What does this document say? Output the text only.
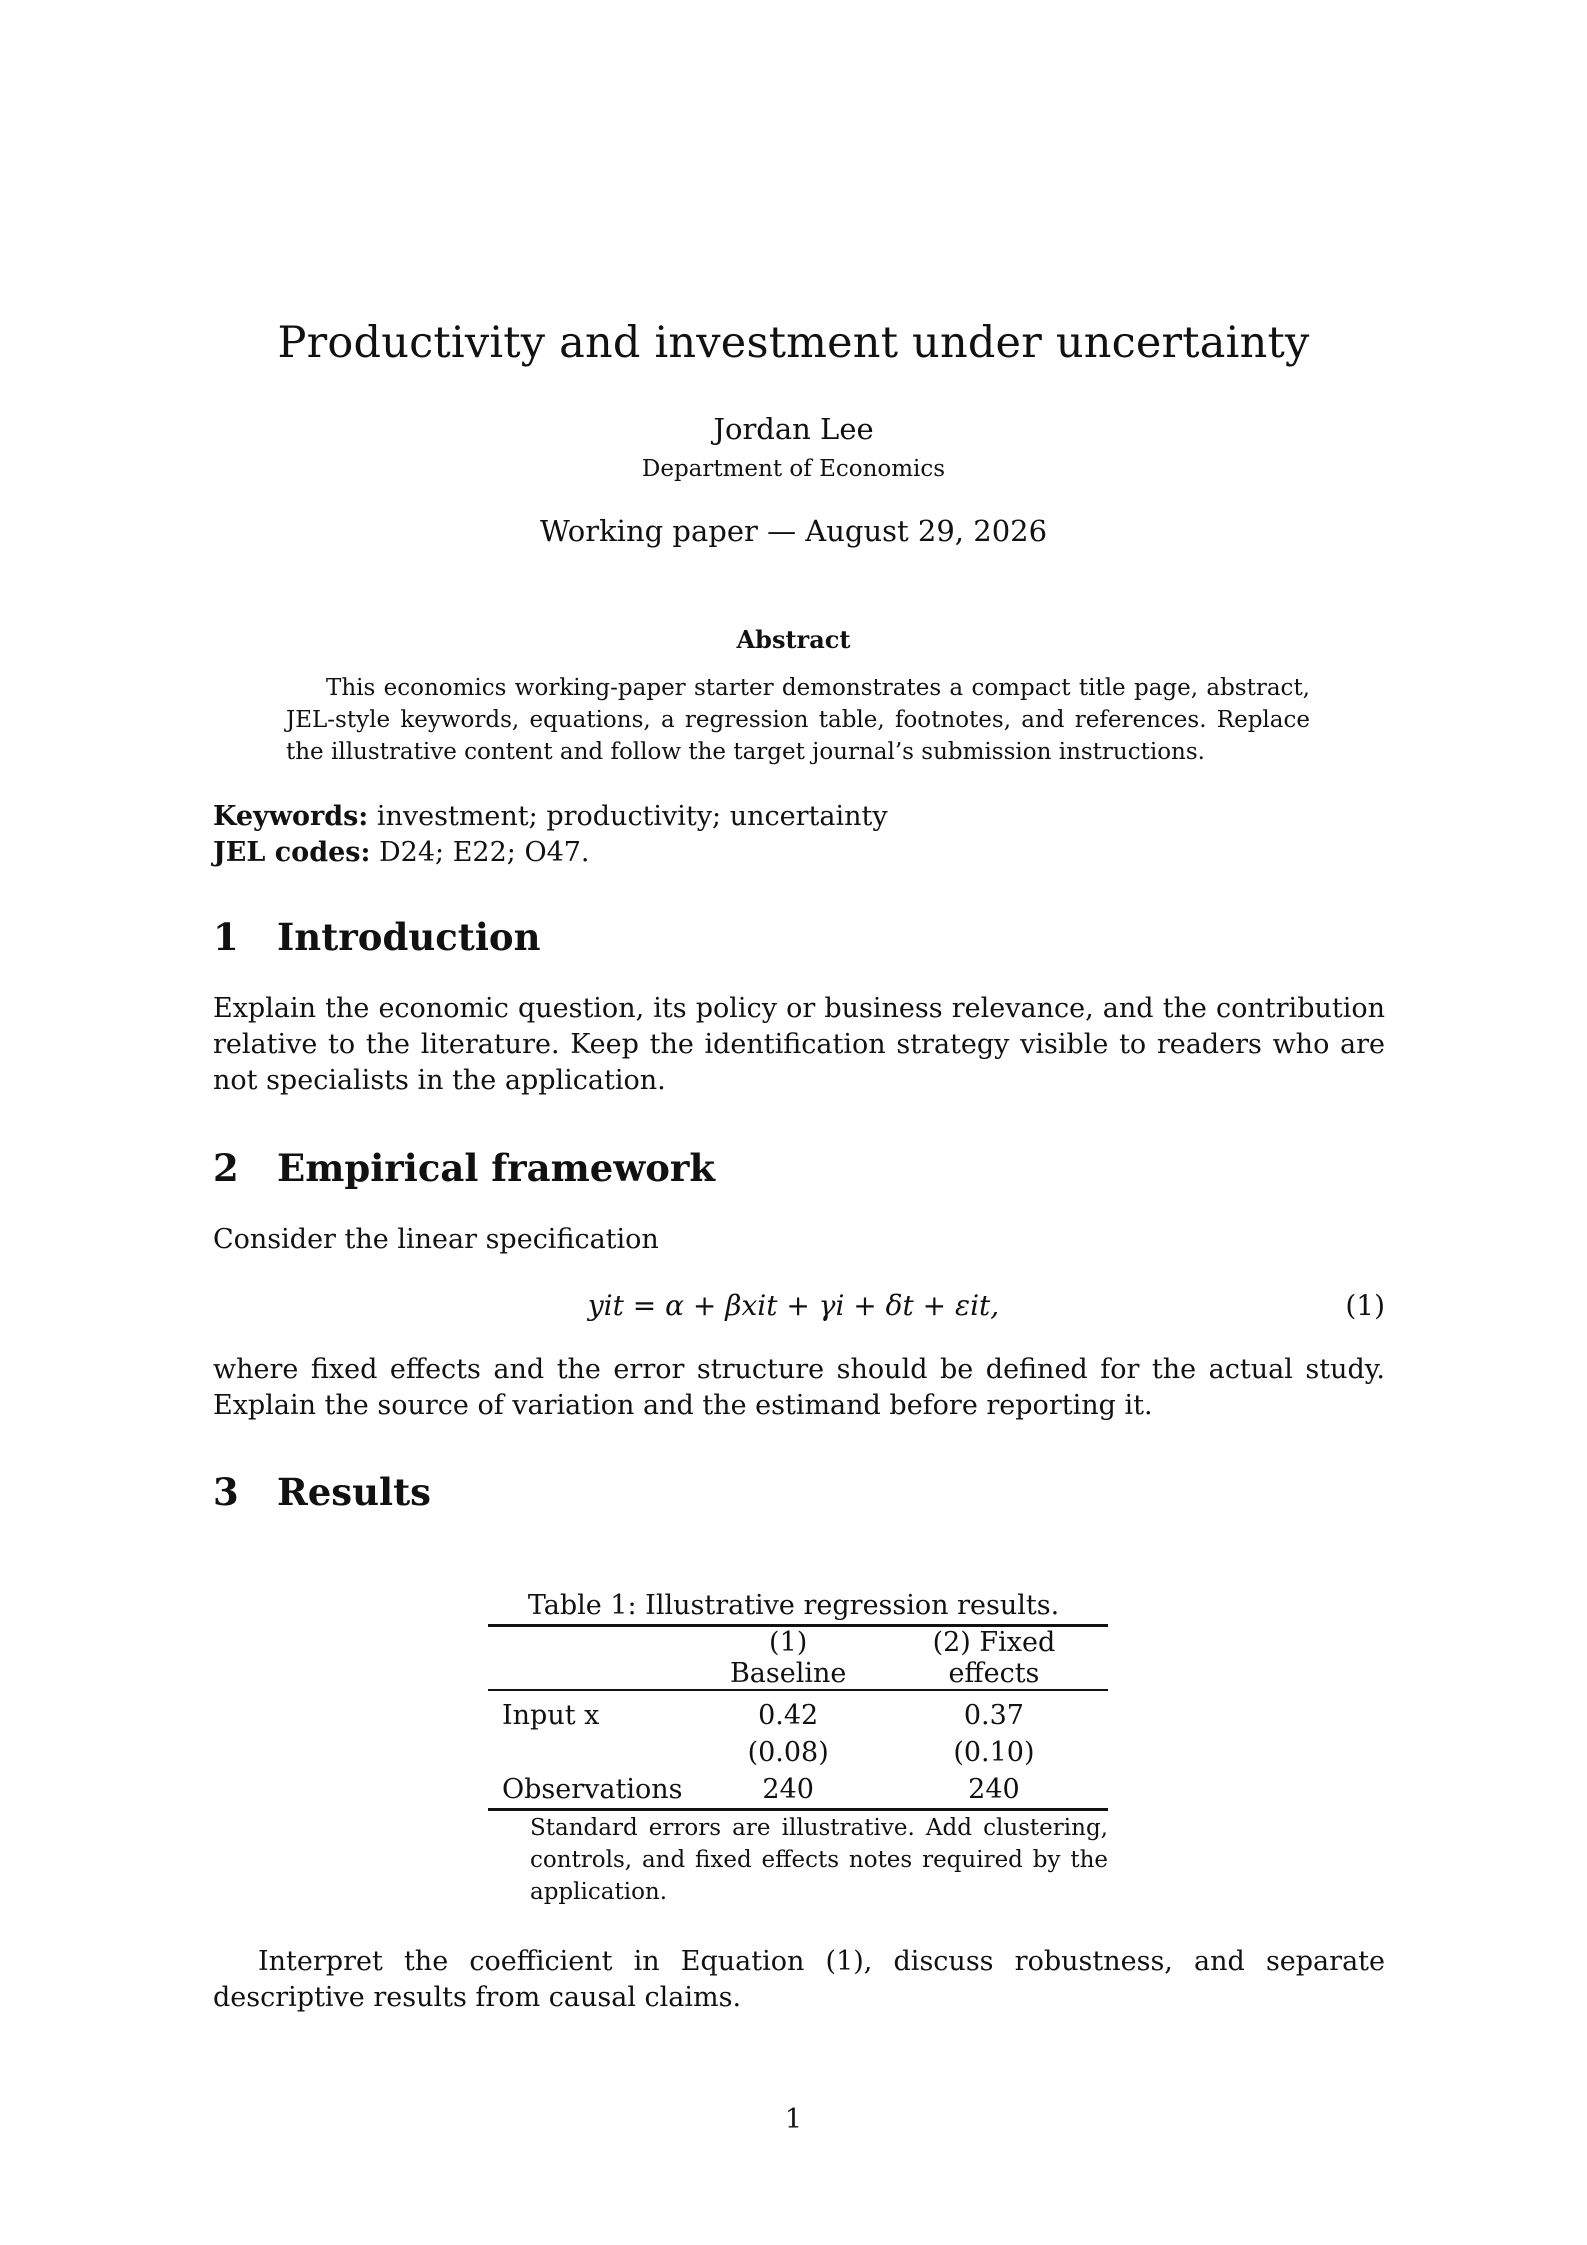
Productivity and investment under uncertainty
Jordan Lee
Department of Economics
Working paper — August 29, 2026
Abstract

This economics working-paper starter demonstrates a compact title page, abstract, JEL-style keywords, equations, a regression table, footnotes, and references. Replace the illustrative content and follow the target journal’s submission instructions.

Keywords: investment; productivity; uncertainty
JEL codes: D24; E22; O47.
1 Introduction

Explain the economic question, its policy or business relevance, and the contribution relative to the literature. Keep the identification strategy visible to readers who are not specialists in the application.

2 Empirical framework

Consider the linear specification

yit = α + βxit + γi + δt + εit,	(1)

where fixed effects and the error structure should be defined for the actual study. Explain the source of variation and the estimand before reporting it.

3 Results
Table 1: Illustrative regression results.
	(1) Baseline	(2) Fixed effects
Input x	0.42	0.37
	(0.08)	(0.10)
Observations	240	240

Standard errors are illustrative. Add clustering, controls, and fixed effects notes required by the application.

Interpret the coefficient in Equation (1), discuss robustness, and separate descriptive results from causal claims.

1
